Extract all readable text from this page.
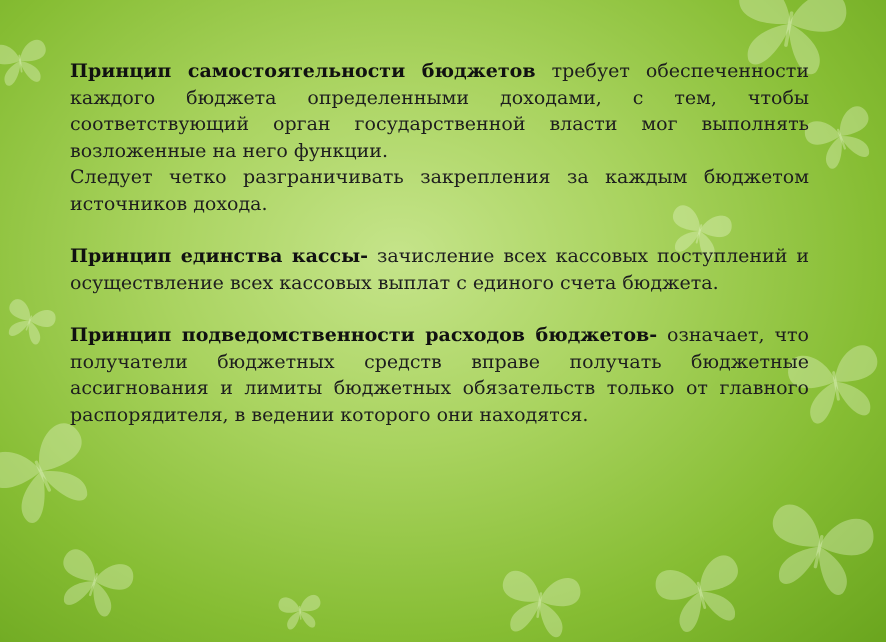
Принцип самостоятельности бюджетов требует обеспеченности каждого бюджета определенными доходами, с тем, чтобы соответствующий орган государственной власти мог выполнять возложенные на него функции.

Следует четко разграничивать закрепления за каждым бюджетом источников дохода.

Принцип единства кассы- зачисление всех кассовых поступлений и осуществление всех кассовых выплат с единого счета бюджета.

Принцип подведомственности расходов бюджетов- означает, что получатели бюджетных средств вправе получать бюджетные ассигнования и лимиты бюджетных обязательств только от главного распорядителя, в ведении которого они находятся.
